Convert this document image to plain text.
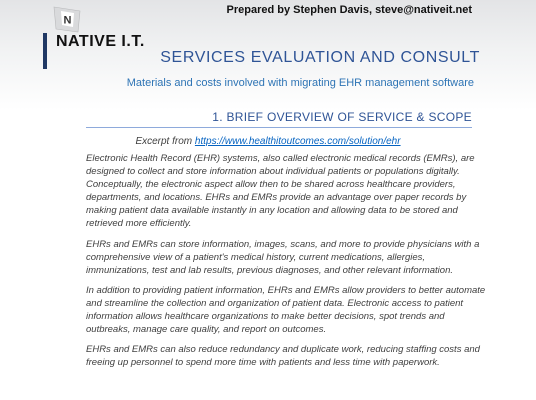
N
Prepared by Stephen Davis, steve@nativeit.net
NATIVE I.T.
SERVICES EVALUATION AND CONSULT
Materials and costs involved with migrating EHR management software
1. BRIEF OVERVIEW OF SERVICE & SCOPE
Excerpt from https://www.healthitoutcomes.com/solution/ehr

Electronic Health Record (EHR) systems, also called electronic medical records (EMRs), are designed to collect and store information about individual patients or populations digitally. Conceptually, the electronic aspect allow then to be shared across healthcare providers, departments, and locations. EHRs and EMRs provide an advantage over paper records by making patient data available instantly in any location and allowing data to be stored and retrieved more efficiently.

EHRs and EMRs can store information, images, scans, and more to provide physicians with a comprehensive view of a patient's medical history, current medications, allergies, immunizations, test and lab results, previous diagnoses, and other relevant information.

In addition to providing patient information, EHRs and EMRs allow providers to better automate and streamline the collection and organization of patient data. Electronic access to patient information allows healthcare organizations to make better decisions, spot trends and outbreaks, manage care quality, and report on outcomes.

EHRs and EMRs can also reduce redundancy and duplicate work, reducing staffing costs and freeing up personnel to spend more time with patients and less time with paperwork.
